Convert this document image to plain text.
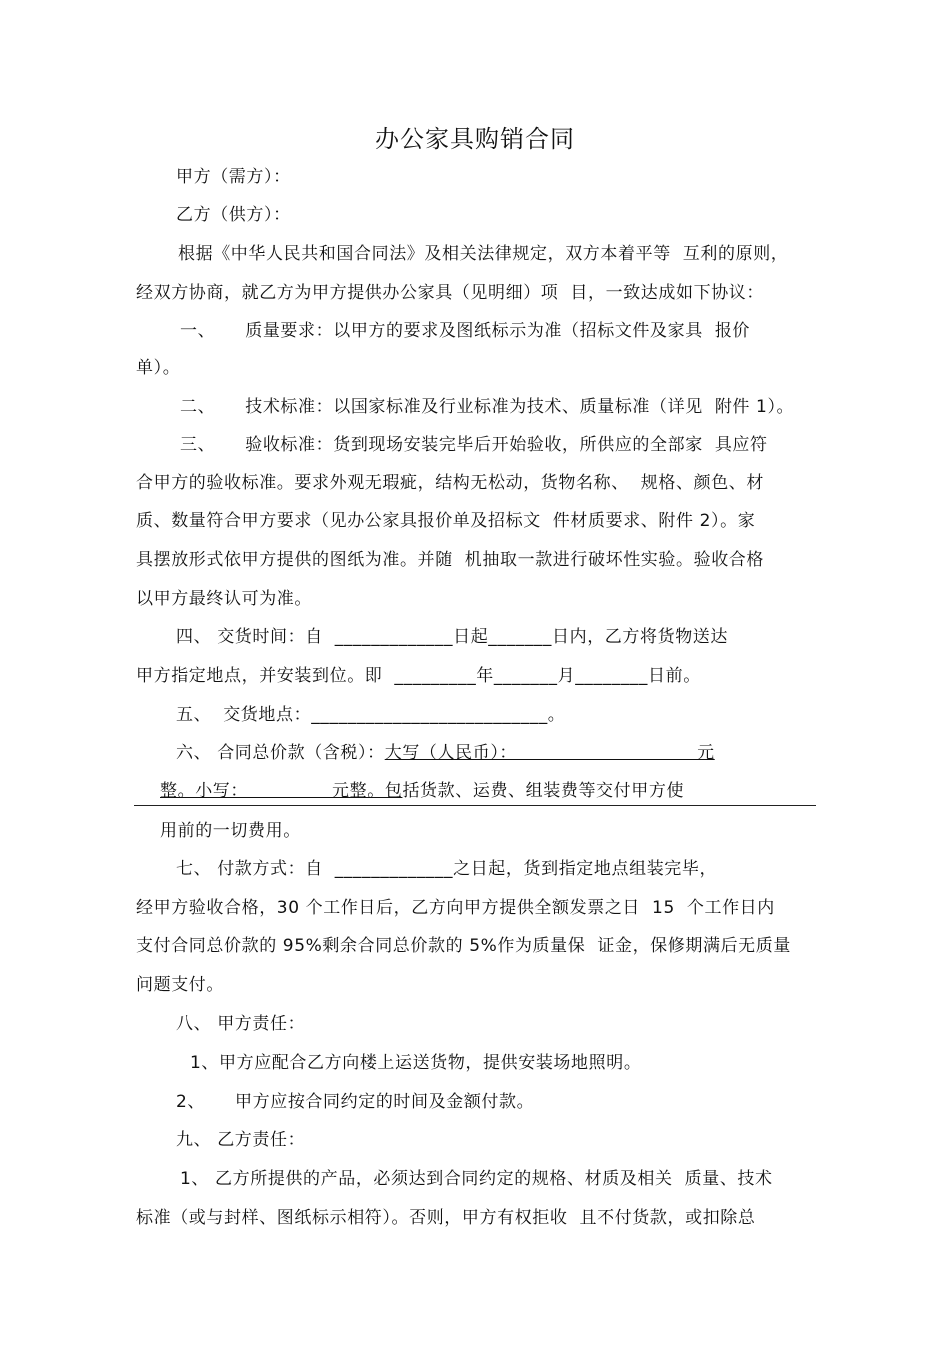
办公家具购销合同
甲方（需方）：
乙方（供方）：
根据《中华人民共和国合同法》及相关法律规定，双方本着平等  互利的原则，
经双方协商，就乙方为甲方提供办公家具（见明细）项  目，一致达成如下协议：
一、     质量要求：以甲方的要求及图纸标示为准（招标文件及家具  报价
单）。
二、     技术标准：以国家标准及行业标准为技术、质量标准（详见  附件 1）。
三、     验收标准：货到现场安装完毕后开始验收，所供应的全部家  具应符
合甲方的验收标准。要求外观无瑕疵，结构无松动，货物名称、  规格、颜色、材
质、数量符合甲方要求（见办公家具报价单及招标文  件材质要求、附件 2）。家
具摆放形式依甲方提供的图纸为准。并随  机抽取一款进行破坏性实验。验收合格
以甲方最终认可为准。
四、 交货时间：自  _____________日起_______日内，乙方将货物送达
甲方指定地点，并安装到位。即  _________年_______月________日前。
五、  交货地点：__________________________。
六、 合同总价款（含税）：大写（人民币）：                              元
整。小写：              元整。包括货款、运费、组装费等交付甲方使
用前的一切费用。
七、 付款方式：自  _____________之日起，货到指定地点组装完毕，
经甲方验收合格，30 个工作日后，乙方向甲方提供全额发票之日  15  个工作日内
支付合同总价款的 95%剩余合同总价款的 5%作为质量保  证金，保修期满后无质量
问题支付。
八、 甲方责任：
1、甲方应配合乙方向楼上运送货物，提供安装场地照明。
2、     甲方应按合同约定的时间及金额付款。
九、 乙方责任：
1、 乙方所提供的产品，必须达到合同约定的规格、材质及相关  质量、技术
标准（或与封样、图纸标示相符）。否则，甲方有权拒收  且不付货款，或扣除总
